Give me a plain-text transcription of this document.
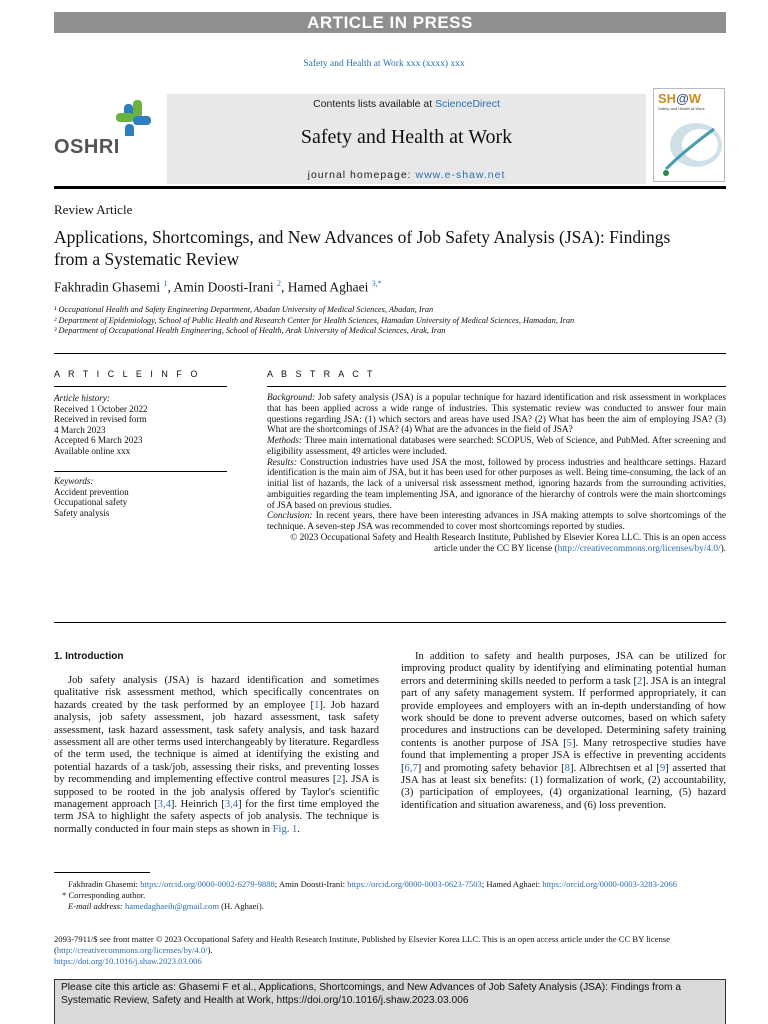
ARTICLE IN PRESS
Safety and Health at Work xxx (xxxx) xxx
OSHRI
Contents lists available at ScienceDirect
Safety and Health at Work
journal homepage: www.e-shaw.net
SH@W
Safety and Health at Work
Review Article
Applications, Shortcomings, and New Advances of Job Safety Analysis (JSA): Findings from a Systematic Review
Fakhradin Ghasemi $^1$, Amin Doosti-Irani $^2$, Hamed Aghaei $^{3,*}$

¹ Occupational Health and Safety Engineering Department, Abadan University of Medical Sciences, Abadan, Iran

² Department of Epidemiology, School of Public Health and Research Center for Health Sciences, Hamadan University of Medical Sciences, Hamadan, Iran

³ Department of Occupational Health Engineering, School of Health, Arak University of Medical Sciences, Arak, Iran

A R T I C L E I N F O
Article history:
Received 1 October 2022
Received in revised form
4 March 2023
Accepted 6 March 2023
Available online xxx
Keywords:
Accident prevention
Occupational safety
Safety analysis
A B S T R A C T

Background: Job safety analysis (JSA) is a popular technique for hazard identification and risk assessment in workplaces that has been applied across a wide range of industries. This systematic review was conducted to answer four main questions regarding JSA: (1) which sectors and areas have used JSA? (2) What has been the aim of employing JSA? (3) What are the shortcomings of JSA? (4) What are the advances in the field of JSA?

Methods: Three main international databases were searched: SCOPUS, Web of Science, and PubMed. After screening and eligibility assessment, 49 articles were included.

Results: Construction industries have used JSA the most, followed by process industries and healthcare settings. Hazard identification is the main aim of JSA, but it has been used for other purposes as well. Being time-consuming, the lack of an initial list of hazards, the lack of a universal risk assessment method, ignoring hazards from the surrounding activities, ambiguities regarding the team implementing JSA, and ignorance of the hierarchy of controls were the main shortcomings of JSA based on previous studies.

Conclusion: In recent years, there have been interesting advances in JSA making attempts to solve shortcomings of the technique. A seven-step JSA was recommended to cover most shortcomings reported by studies.

© 2023 Occupational Safety and Health Research Institute, Published by Elsevier Korea LLC. This is an open access article under the CC BY license (http://creativecommons.org/licenses/by/4.0/).

1. Introduction
Job safety analysis (JSA) is hazard identification and sometimes qualitative risk assessment method, which specifically concentrates on hazards created by the task performed by an employee [1]. Job hazard analysis, job safety assessment, job hazard assessment, task safety assessment, task hazard assessment, task safety analysis, and task hazard assessment all are other terms used interchangeably by literature. Regardless of the term used, the technique is aimed at identifying the existing and potential hazards of a task/job, assessing their risks, and preventing losses by recommending and implementing effective control measures [2]. JSA is supposed to be rooted in the job analysis offered by Taylor's scientific management approach [3,4]. Heinrich [3,4] for the first time employed the term JSA to highlight the safety aspects of job analysis. The technique is normally conducted in four main steps as shown in Fig. 1.
In addition to safety and health purposes, JSA can be utilized for improving product quality by identifying and eliminating potential human errors and determining skills needed to perform a task [2]. JSA is an integral part of any safety management system. If performed appropriately, it can provide employees and employers with an in-depth understanding of how work should be done to prevent adverse outcomes, based on which safety procedures and instructions can be developed. Determining safety training contents is another purpose of JSA [5]. Many retrospective studies have found that implementing a proper JSA is effective in preventing accidents [6,7] and promoting safety behavior [8]. Albrechtsen et al [9] asserted that JSA has at least six benefits: (1) formalization of work, (2) accountability, (3) participation of employees, (4) organizational learning, (5) hazard identification and situation awareness, and (6) loss prevention.

Fakhradin Ghasemi: https://orcid.org/0000-0002-6279-9888; Amin Doosti-Irani: https://orcid.org/0000-0003-0623-7503; Hamed Aghaei: https://orcid.org/0000-0003-3283-2066

* Corresponding author.

E-mail address: hamedaghaeih@gmail.com (H. Aghaei).

2093-7911/$ see front matter © 2023 Occupational Safety and Health Research Institute, Published by Elsevier Korea LLC. This is an open access article under the CC BY license (http://creativecommons.org/licenses/by/4.0/).

https://doi.org/10.1016/j.shaw.2023.03.006

Please cite this article as: Ghasemi F et al., Applications, Shortcomings, and New Advances of Job Safety Analysis (JSA): Findings from a Systematic Review, Safety and Health at Work, https://doi.org/10.1016/j.shaw.2023.03.006
